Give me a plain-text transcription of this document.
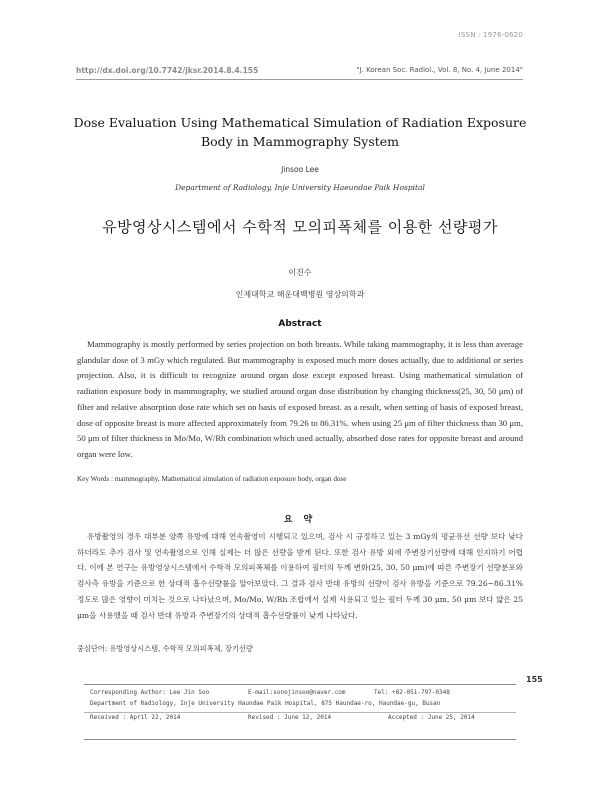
ISSN : 1976-0620
http://dx.doi.org/10.7742/jksr.2014.8.4.155	"J. Korean Soc. Radiol., Vol. 8, No. 4, June 2014"
Dose Evaluation Using Mathematical Simulation of Radiation Exposure Body in Mammography System
Jinsoo Lee
Department of Radiology, Inje University Haeundae Paik Hospital
유방영상시스템에서 수학적 모의피폭체를 이용한 선량평가
이진수
인제대학교 해운대백병원 영상의학과
Abstract

Mammography is mostly performed by series projection on both breasts. While taking mammography, it is less than average glandular dose of 3 mGy which regulated. But mammography is exposed much more doses actually, due to additional or series projection. Also, it is difficult to recognize around organ dose except exposed breast. Using mathematical simulation of radiation exposure body in mammography, we studied around organ dose distribution by changing thickness(25, 30, 50 μm) of filter and relative absorption dose rate which set on basis of exposed breast. as a result, when setting of basis of exposed breast, dose of opposite breast is more affected approximately from 79.26 to 86.31%. when using 25 μm of filter thickness than 30 μm, 50 μm of filter thickness in Mo/Mo, W/Rh combination which used actually, absorbed dose rates for opposite breast and around organ were low.

Key Words : mammography, Mathematical simulation of radiation exposure body, organ dose
요 약

유방촬영의 경우 대부분 양쪽 유방에 대해 연속촬영이 시행되고 있으며, 검사 시 규정하고 있는 3 mGy의 평균유선 선량 보다 낮다 하더라도 추가 검사 및 연속촬영으로 인해 실제는 더 많은 선량을 받게 된다. 또한 검사 유방 외에 주변장기선량에 대해 인지하기 어렵다. 이에 본 연구는 유방영상시스템에서 수학적 모의피폭체를 이용하여 필터의 두께 변화(25, 30, 50 μm)에 따른 주변장기 선량분포와 검사측 유방을 기준으로 한 상대적 흡수선량률을 알아보았다. 그 결과 검사 반대 유방의 선량이 검사 유방을 기준으로 79.26~86.31%정도로 많은 영향이 미치는 것으로 나타났으며, Mo/Mo, W/Rh 조합에서 실제 사용되고 있는 필터 두께 30 μm, 50 μm 보다 얇은 25 μm을 사용했을 때 검사 반대 유방과 주변장기의 상대적 흡수선량률이 낮게 나타났다.

중심단어: 유방영상시스템, 수학적 모의피폭체, 장기선량
155
Corresponding Author: Lee Jin Soo	E-mail:sonojinsoo@naver.com	Tel: +82-051-797-0348
Department of Radiology, Inje University Haundae Paik Hospital, 875 Haundae-ro, Haundae-gu, Busan
Received : April 22, 2014	Revised : June 12, 2014	Accepted : June 25, 2014
